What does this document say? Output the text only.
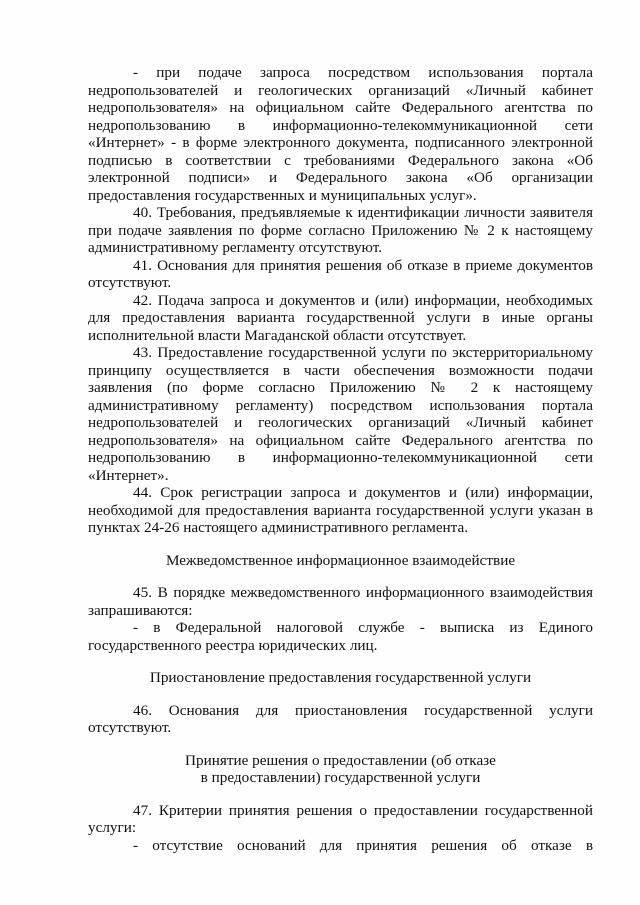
- при подаче запроса посредством использования портала недропользователей и геологических организаций «Личный кабинет недропользователя» на официальном сайте Федерального агентства по недропользованию в информационно-телекоммуникационной сети «Интернет» - в форме электронного документа, подписанного электронной подписью в соответствии с требованиями Федерального закона «Об электронной подписи» и Федерального закона «Об организации предоставления государственных и муниципальных услуг».

40. Требования, предъявляемые к идентификации личности заявителя при подаче заявления по форме согласно Приложению № 2 к настоящему административному регламенту отсутствуют.

41. Основания для принятия решения об отказе в приеме документов отсутствуют.

42. Подача запроса и документов и (или) информации, необходимых для предоставления варианта государственной услуги в иные органы исполнительной власти Магаданской области отсутствует.

43. Предоставление государственной услуги по экстерриториальному принципу осуществляется в части обеспечения возможности подачи заявления (по форме согласно Приложению № 2 к настоящему административному регламенту) посредством использования портала недропользователей и геологических организаций «Личный кабинет недропользователя» на официальном сайте Федерального агентства по недропользованию в информационно-телекоммуникационной сети «Интернет».

44. Срок регистрации запроса и документов и (или) информации, необходимой для предоставления варианта государственной услуги указан в пунктах 24-26 настоящего административного регламента.

Межведомственное информационное взаимодействие

45. В порядке межведомственного информационного взаимодействия запрашиваются:

- в Федеральной налоговой службе - выписка из Единого государственного реестра юридических лиц.

Приостановление предоставления государственной услуги

46. Основания для приостановления государственной услуги отсутствуют.

Принятие решения о предоставлении (об отказе

в предоставлении) государственной услуги

47. Критерии принятия решения о предоставлении государственной услуги:

- отсутствие оснований для принятия решения об отказе в
